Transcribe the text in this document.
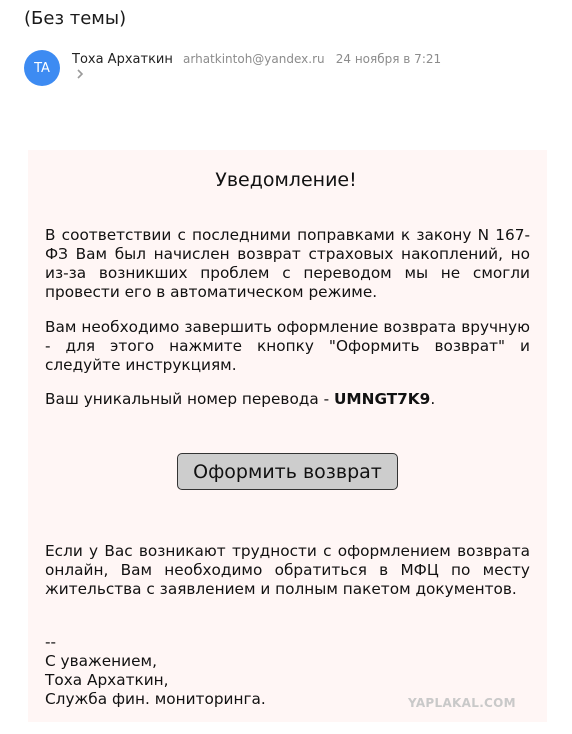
(Без темы)
TA
Тоха Архаткин arhatkintoh@yandex.ru 24 ноября в 7:21
Уведомление!
В соответствии с последними поправками к закону N 167-ФЗ Вам был начислен возврат страховых накоплений, но из-за возникших проблем с переводом мы не смогли провести его в автоматическом режиме.
Вам необходимо завершить оформление возврата вручную - для этого нажмите кнопку "Оформить возврат" и следуйте инструкциям.
Ваш уникальный номер перевода - UMNGT7K9.
Оформить возврат
Если у Вас возникают трудности с оформлением возврата онлайн, Вам необходимо обратиться в МФЦ по месту жительства с заявлением и полным пакетом документов.
--
С уважением,
Тоха Архаткин,
Служба фин. мониторинга.	YAPLAKAL.COM
